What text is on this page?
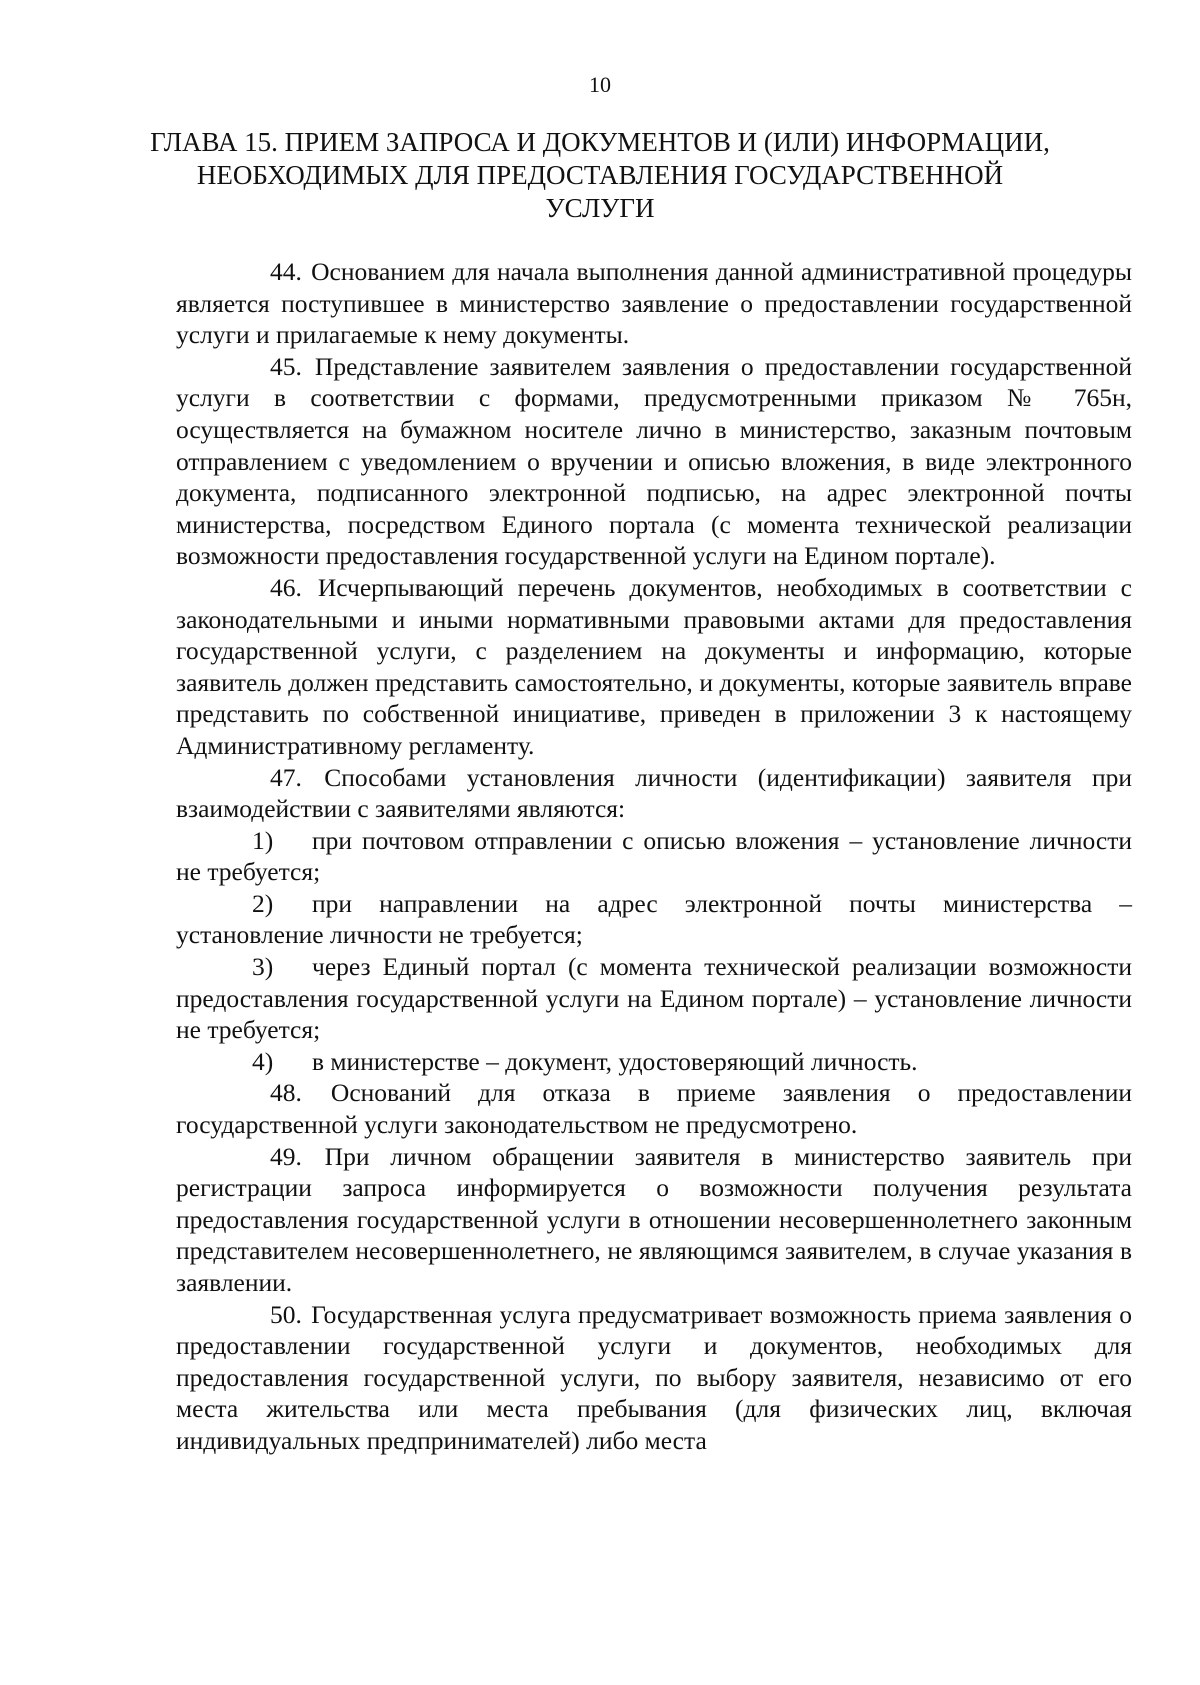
10
ГЛАВА 15. ПРИЕМ ЗАПРОСА И ДОКУМЕНТОВ И (ИЛИ) ИНФОРМАЦИИ,
НЕОБХОДИМЫХ ДЛЯ ПРЕДОСТАВЛЕНИЯ ГОСУДАРСТВЕННОЙ
УСЛУГИ

44. Основанием для начала выполнения данной административной процедуры является поступившее в министерство заявление о предоставлении государственной услуги и прилагаемые к нему документы.

45. Представление заявителем заявления о предоставлении государственной услуги в соответствии с формами, предусмотренными приказом № 765н, осуществляется на бумажном носителе лично в министерство, заказным почтовым отправлением с уведомлением о вручении и описью вложения, в виде электронного документа, подписанного электронной подписью, на адрес электронной почты министерства, посредством Единого портала (с момента технической реализации возможности предоставления государственной услуги на Едином портале).

46. Исчерпывающий перечень документов, необходимых в соответствии с законодательными и иными нормативными правовыми актами для предоставления государственной услуги, с разделением на документы и информацию, которые заявитель должен представить самостоятельно, и документы, которые заявитель вправе представить по собственной инициативе, приведен в приложении 3 к настоящему Административному регламенту.

47. Способами установления личности (идентификации) заявителя при взаимодействии с заявителями являются:

1) при почтовом отправлении с описью вложения – установление личности не требуется;

2) при направлении на адрес электронной почты министерства – установление личности не требуется;

3) через Единый портал (с момента технической реализации возможности предоставления государственной услуги на Едином портале) – установление личности не требуется;

4) в министерстве – документ, удостоверяющий личность.

48. Оснований для отказа в приеме заявления о предоставлении государственной услуги законодательством не предусмотрено.

49. При личном обращении заявителя в министерство заявитель при регистрации запроса информируется о возможности получения результата предоставления государственной услуги в отношении несовершеннолетнего законным представителем несовершеннолетнего, не являющимся заявителем, в случае указания в заявлении.

50. Государственная услуга предусматривает возможность приема заявления о предоставлении государственной услуги и документов, необходимых для предоставления государственной услуги, по выбору заявителя, независимо от его места жительства или места пребывания (для физических лиц, включая индивидуальных предпринимателей) либо места
